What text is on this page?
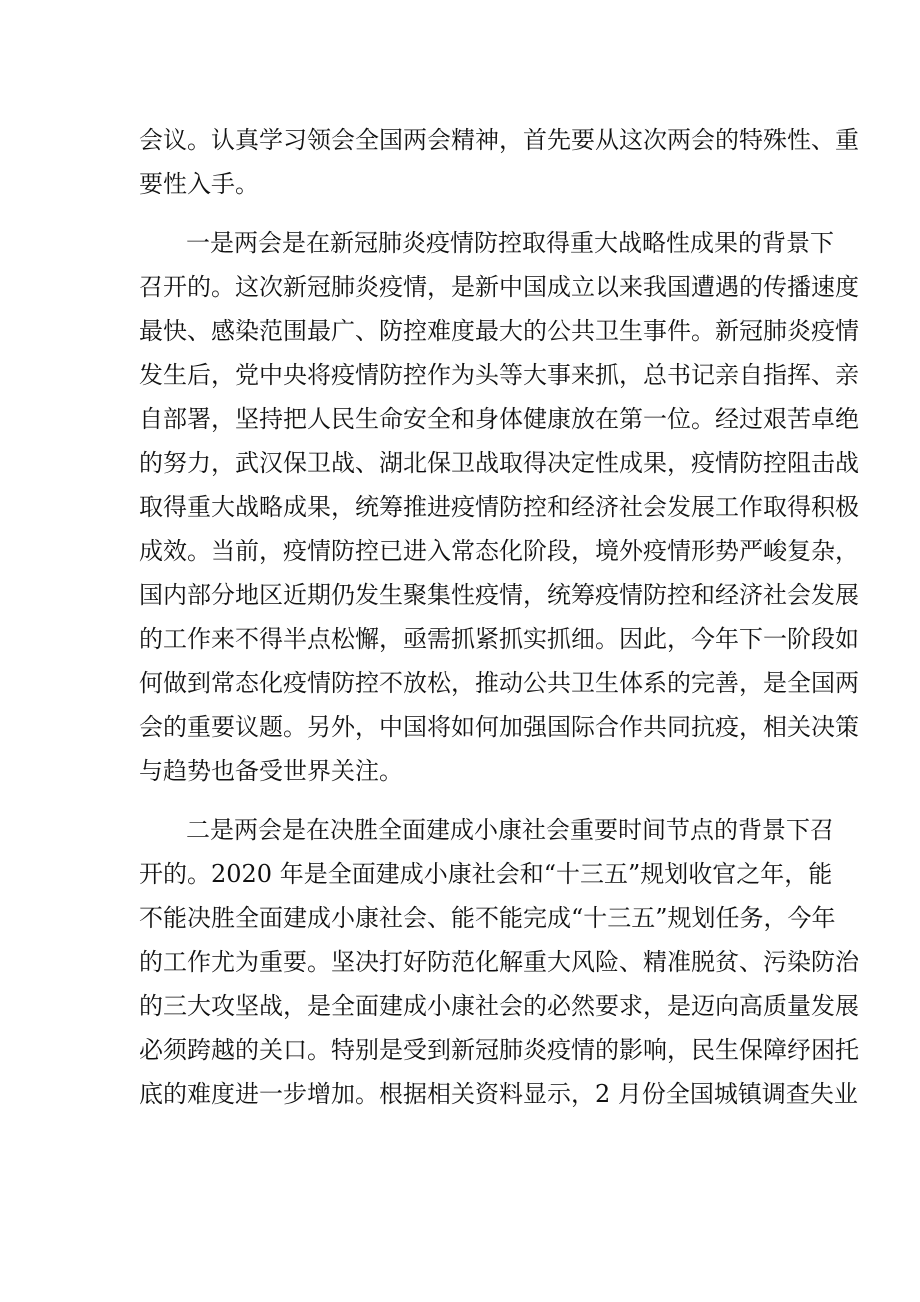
会议。认真学习领会全国两会精神，首先要从这次两会的特殊性、重
要性入手。
一是两会是在新冠肺炎疫情防控取得重大战略性成果的背景下
召开的。这次新冠肺炎疫情，是新中国成立以来我国遭遇的传播速度
最快、感染范围最广、防控难度最大的公共卫生事件。新冠肺炎疫情
发生后，党中央将疫情防控作为头等大事来抓，总书记亲自指挥、亲
自部署，坚持把人民生命安全和身体健康放在第一位。经过艰苦卓绝
的努力，武汉保卫战、湖北保卫战取得决定性成果，疫情防控阻击战
取得重大战略成果，统筹推进疫情防控和经济社会发展工作取得积极
成效。当前，疫情防控已进入常态化阶段，境外疫情形势严峻复杂，
国内部分地区近期仍发生聚集性疫情，统筹疫情防控和经济社会发展
的工作来不得半点松懈，亟需抓紧抓实抓细。因此，今年下一阶段如
何做到常态化疫情防控不放松，推动公共卫生体系的完善，是全国两
会的重要议题。另外，中国将如何加强国际合作共同抗疫，相关决策
与趋势也备受世界关注。
二是两会是在决胜全面建成小康社会重要时间节点的背景下召
开的。2020 年是全面建成小康社会和“十三五”规划收官之年，能
不能决胜全面建成小康社会、能不能完成“十三五”规划任务，今年
的工作尤为重要。坚决打好防范化解重大风险、精准脱贫、污染防治
的三大攻坚战，是全面建成小康社会的必然要求，是迈向高质量发展
必须跨越的关口。特别是受到新冠肺炎疫情的影响，民生保障纾困托
底的难度进一步增加。根据相关资料显示，2 月份全国城镇调查失业
